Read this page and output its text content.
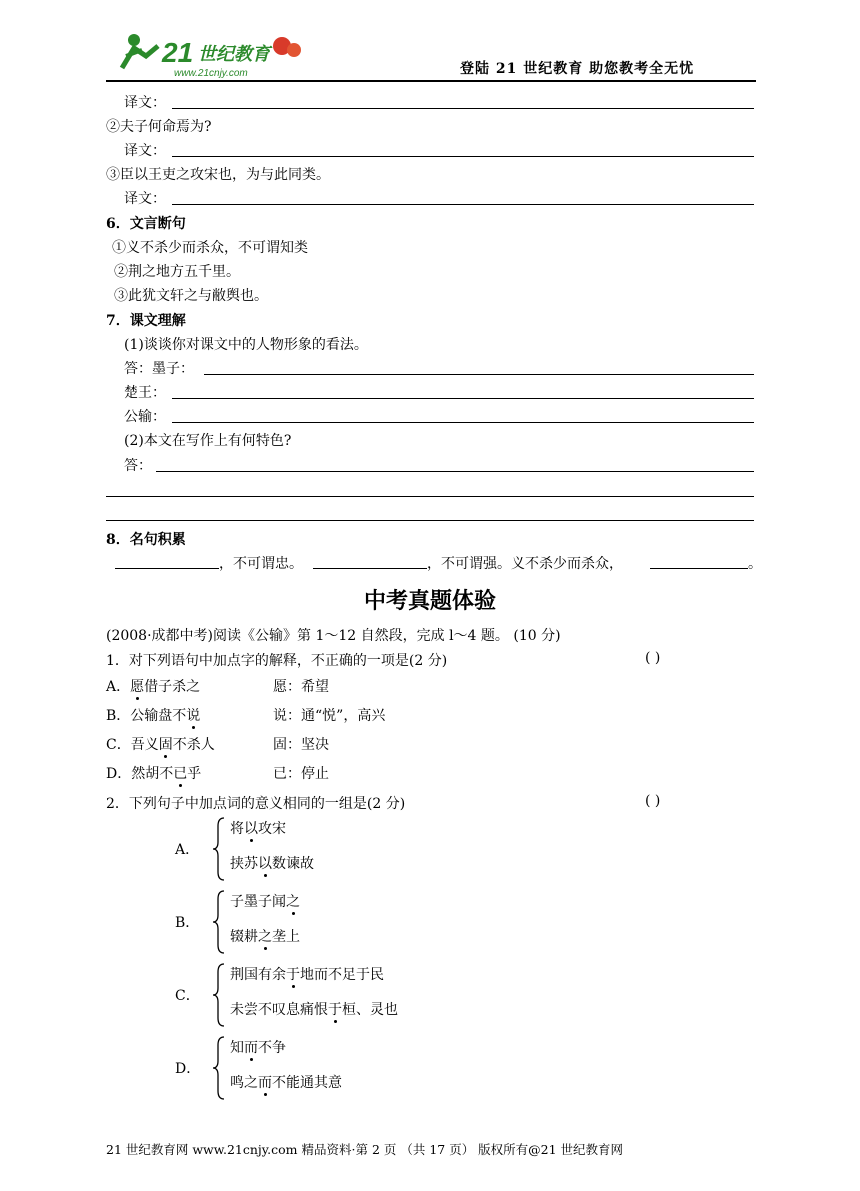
21 世纪教育
www.21cnjy.com	登陆 21 世纪教育 助您教考全无忧
译文：
②夫子何命焉为?
译文：
③臣以王吏之攻宋也，为与此同类。
译文：
6．文言断句
①义不杀少而杀众，不可谓知类
②荆之地方五千里。
③此犹文轩之与敝舆也。
7．课文理解
(1)谈谈你对课文中的人物形象的看法。
答：墨子：
楚王：
公输：
(2)本文在写作上有何特色?
答：
8．名句积累
，不可谓忠。	，不可谓强。义不杀少而杀众，	。
中考真题体验
(2008·成都中考)阅读《公输》第 1～12 自然段，完成 l～4 题。 (10 分)
1．对下列语句中加点字的解释，不正确的一项是(2 分)	( )
A．愿借子杀之	愿：希望
B．公输盘不说	说：通“悦”，高兴
C．吾义固不杀人	固：坚决
D．然胡不已乎	已：停止
2．下列句子中加点词的意义相同的一组是(2 分)	( )
A．
将以攻宋
挟苏以数谏故
B．
子墨子闻之
辍耕之垄上
C．
荆国有余于地而不足于民
未尝不叹息痛恨于桓、灵也
D．
知而不争
鸣之而不能通其意
21 世纪教育网 www.21cnjy.com 精品资料·第 2 页 （共 17 页） 版权所有@21 世纪教育网
